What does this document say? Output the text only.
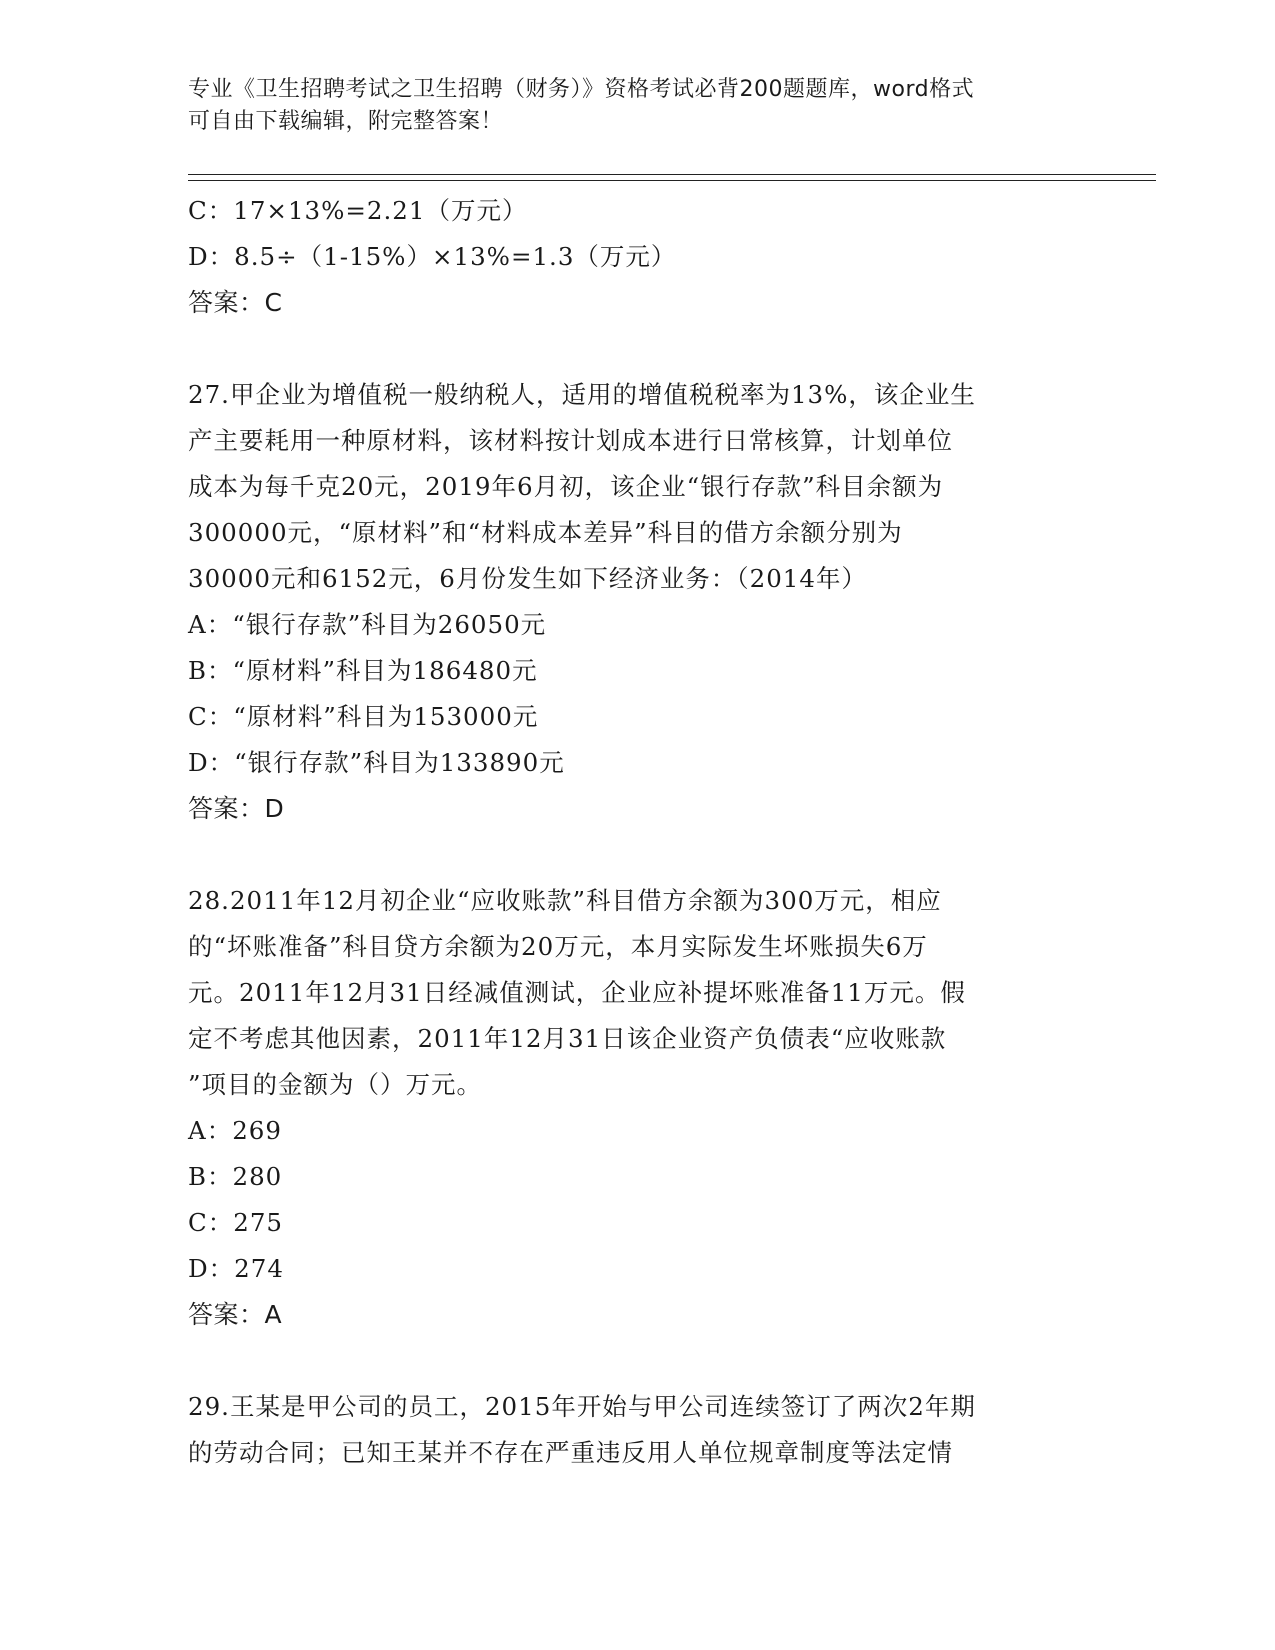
专业《卫生招聘考试之卫生招聘（财务）》资格考试必背200题题库，word格式
可自由下载编辑，附完整答案！
C：17×13%=2.21（万元）
D：8.5÷（1-15%）×13%=1.3（万元）
答案：C
27.甲企业为增值税一般纳税人，适用的增值税税率为13%，该企业生
产主要耗用一种原材料，该材料按计划成本进行日常核算，计划单位
成本为每千克20元，2019年6月初，该企业“银行存款”科目余额为
300000元，“原材料”和“材料成本差异”科目的借方余额分别为
30000元和6152元，6月份发生如下经济业务：（2014年）
A：“银行存款”科目为26050元
B：“原材料”科目为186480元
C：“原材料”科目为153000元
D：“银行存款”科目为133890元
答案：D
28.2011年12月初企业“应收账款”科目借方余额为300万元，相应
的“坏账准备”科目贷方余额为20万元，本月实际发生坏账损失6万
元。2011年12月31日经减值测试，企业应补提坏账准备11万元。假
定不考虑其他因素，2011年12月31日该企业资产负债表“应收账款
”项目的金额为（）万元。
A：269
B：280
C：275
D：274
答案：A
29.王某是甲公司的员工，2015年开始与甲公司连续签订了两次2年期
的劳动合同；已知王某并不存在严重违反用人单位规章制度等法定情
